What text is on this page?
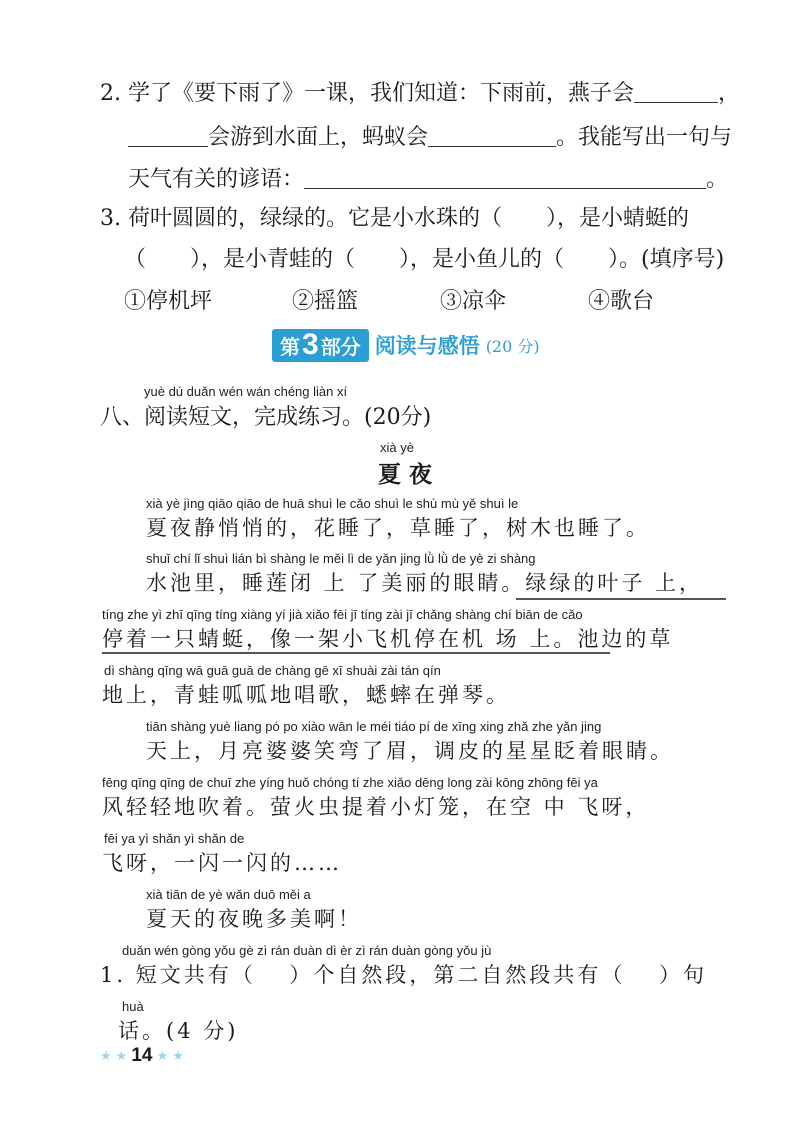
2. 学了《要下雨了》一课，我们知道：下雨前，燕子会	，
会游到水面上，蚂蚁会	。我能写出一句与
天气有关的谚语：	。
3. 荷叶圆圆的，绿绿的。它是小水珠的（　　），是小蜻蜓的
（　　），是小青蛙的（　　），是小鱼儿的（　　）。(填序号)
①停机坪	②摇篮	③凉伞	④歌台
第 3 部分 阅读与感悟 (20 分)
yuè dú duǎn wén wán chéng liàn xí
八、阅读短文，完成练习。(20分)
xià yè
夏 夜
xià yè jìng qiāo qiāo de huā shuì le cǎo shuì le shù mù yě shuì le
夏夜静悄悄的，花睡了，草睡了，树木也睡了。
shuǐ chí lǐ shuì lián bì shàng le měi lì de yǎn jing lǜ lǜ de yè zi shàng
水池里，睡莲闭 上 了美丽的眼睛。绿绿的叶子 上，
tíng zhe yì zhī qīng tíng xiàng yí jià xiǎo fēi jī tíng zài jī chǎng shàng chí biān de cǎo
停着一只蜻蜓，像一架小飞机停在机 场 上。池边的草
dì shàng qīng wā guā guā de chàng gē xī shuài zài tán qín
地上，青蛙呱呱地唱歌，蟋蟀在弹琴。
tiān shàng yuè liang pó po xiào wān le méi tiáo pí de xīng xing zhǎ zhe yǎn jing
天上，月亮婆婆笑弯了眉，调皮的星星眨着眼睛。
fēng qīng qīng de chuī zhe yíng huǒ chóng tí zhe xiǎo dēng long zài kōng zhōng fēi ya
风轻轻地吹着。萤火虫提着小灯笼，在空 中 飞呀，
fēi ya yì shǎn yì shǎn de
飞呀，一闪一闪的……
xià tiān de yè wǎn duō měi a
夏天的夜晚多美啊！
duǎn wén gòng yǒu gè zì rán duàn dì èr zì rán duàn gòng yǒu jù
1. 短文共有（　 ）个自然段，第二自然段共有（　 ）句
huà
话。(4 分)
★ ★ 14 ★ ★
